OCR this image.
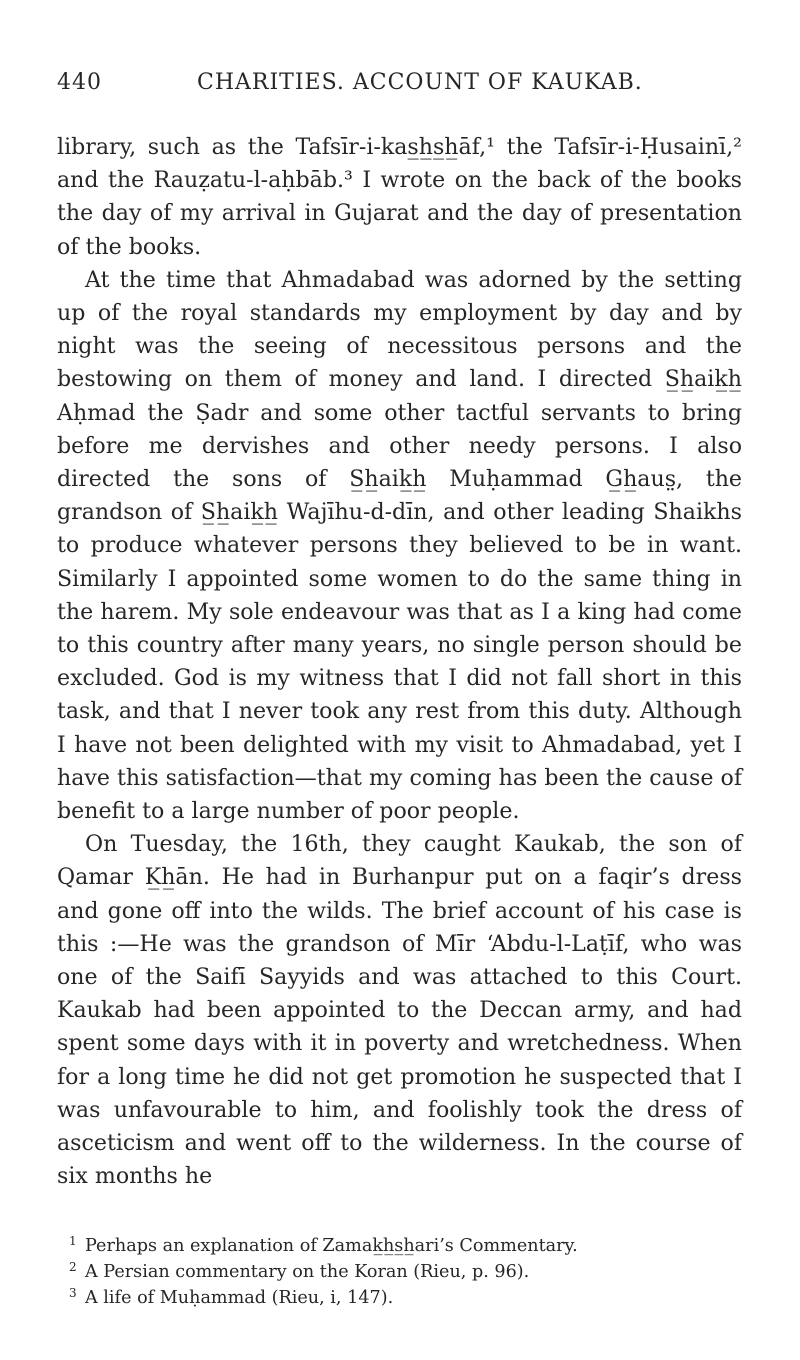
440	CHARITIES. ACCOUNT OF KAUKAB.

library, such as the Tafsīr-i-kas̲h̲s̲h̲āf,¹ the Tafsīr-i-Ḥusainī,² and the Rauẓatu-l-aḥbāb.³ I wrote on the back of the books the day of my arrival in Gujarat and the day of presentation of the books.

At the time that Ahmadabad was adorned by the setting up of the royal standards my employment by day and by night was the seeing of necessitous persons and the bestowing on them of money and land. I directed S̲h̲aik̲h̲ Aḥmad the Ṣadr and some other tactful servants to bring before me dervishes and other needy persons. I also directed the sons of S̲h̲aik̲h̲ Muḥammad G̲h̲aus̤, the grandson of S̲h̲aik̲h̲ Wajīhu-d-dīn, and other leading Shaikhs to produce whatever persons they believed to be in want. Similarly I appointed some women to do the same thing in the harem. My sole endeavour was that as I a king had come to this country after many years, no single person should be excluded. God is my witness that I did not fall short in this task, and that I never took any rest from this duty. Although I have not been delighted with my visit to Ahmadabad, yet I have this satisfaction—that my coming has been the cause of benefit to a large number of poor people.

On Tuesday, the 16th, they caught Kaukab, the son of Qamar K̲h̲ān. He had in Burhanpur put on a faqir’s dress and gone off into the wilds. The brief account of his case is this :—He was the grandson of Mīr ‘Abdu-l-Laṭīf, who was one of the Saifī Sayyids and was attached to this Court. Kaukab had been appointed to the Deccan army, and had spent some days with it in poverty and wretchedness. When for a long time he did not get promotion he suspected that I was unfavourable to him, and foolishly took the dress of asceticism and went off to the wilderness. In the course of six months he

1 Perhaps an explanation of Zamak̲h̲s̲h̲ari’s Commentary.

2 A Persian commentary on the Koran (Rieu, p. 96).

3 A life of Muḥammad (Rieu, i, 147).
